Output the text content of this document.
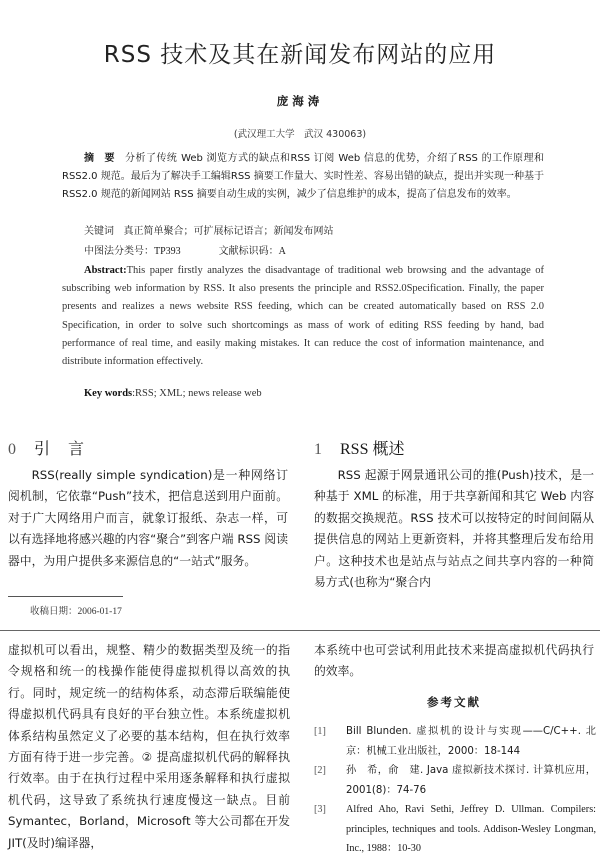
RSS 技术及其在新闻发布网站的应用
庞海涛
(武汉理工大学　武汉 430063)
摘要分析了传统 Web 浏览方式的缺点和RSS 订阅 Web 信息的优势，介绍了RSS 的工作原理和RSS2.0 规范。最后为了解决手工编辑RSS 摘要工作量大、实时性差、容易出错的缺点，提出并实现一种基于 RSS2.0 规范的新闻网站 RSS 摘要自动生成的实例，减少了信息维护的成本，提高了信息发布的效率。
关键词 真正简单聚合；可扩展标记语言；新闻发布网站
中图法分类号：TP393	文献标识码：A
Abstract:This paper firstly analyzes the disadvantage of traditional web browsing and the advantage of subscribing web information by RSS. It also presents the principle and RSS2.0Specification. Finally, the paper presents and realizes a news website RSS feeding, which can be created automatically based on RSS 2.0 Specification, in order to solve such shortcomings as mass of work of editing RSS feeding by hand, bad performance of real time, and easily making mistakes. It can reduce the cost of information maintenance, and distribute information effectively.
Key words:RSS; XML; news release web
0 引言
RSS(really simple syndication)是一种网络订阅机制，它依靠“Push”技术，把信息送到用户面前。对于广大网络用户而言，就象订报纸、杂志一样，可以有选择地将感兴趣的内容“聚合”到客户端 RSS 阅读器中，为用户提供多来源信息的“一站式”服务。
1 RSS 概述
RSS 起源于网景通讯公司的推(Push)技术，是一种基于 XML 的标准，用于共享新闻和其它 Web 内容的数据交换规范。RSS 技术可以按特定的时间间隔从提供信息的网站上更新资料，并将其整理后发布给用户。这种技术也是站点与站点之间共享内容的一种简易方式(也称为“聚合内
收稿日期：2006-01-17
虚拟机可以看出，规整、精少的数据类型及统一的指令规格和统一的栈操作能使得虚拟机得以高效的执行。同时，规定统一的结构体系，动态滞后联编能使得虚拟机代码具有良好的平台独立性。本系统虚拟机体系结构虽然定义了必要的基本结构，但在执行效率方面有待于进一步完善。② 提高虚拟机代码的解释执行效率。由于在执行过程中采用逐条解释和执行虚拟机代码，这导致了系统执行速度慢这一缺点。目前Symantec，Borland，Microsoft 等大公司都在开发 JIT(及时)编译器，
本系统中也可尝试利用此技术来提高虚拟机代码执行的效率。
参考文献
[1]	Bill Blunden. 虚拟机的设计与实现——C/C++. 北京：机械工业出版社，2000：18-144
[2]	孙　希，俞　建. Java 虚拟新技术探讨. 计算机应用，2001(8)：74-76
[3]	Alfred Aho, Ravi Sethi, Jeffrey D. Ullman. Compilers: principles, techniques and tools. Addison-Wesley Longman, Inc., 1988：10-30
